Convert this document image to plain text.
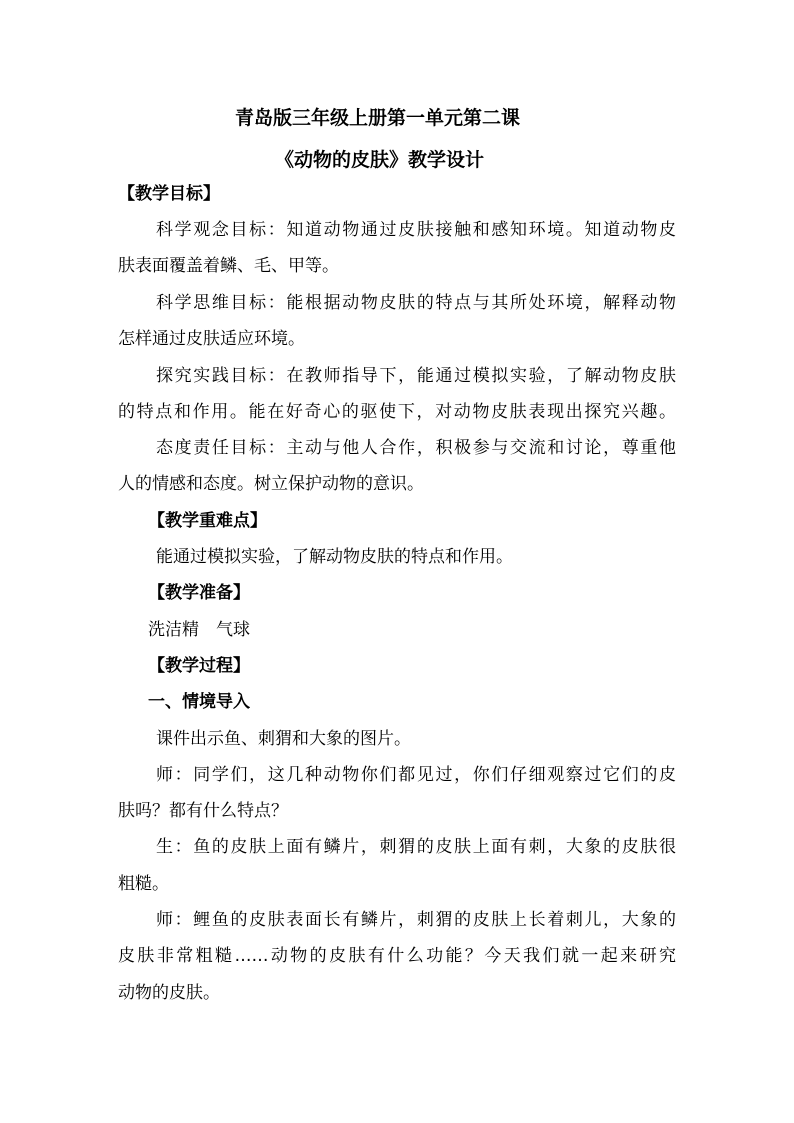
青岛版三年级上册第一单元第二课
《动物的皮肤》教学设计
【教学目标】
科学观念目标：知道动物通过皮肤接触和感知环境。知道动物皮
肤表面覆盖着鳞、毛、甲等。
科学思维目标：能根据动物皮肤的特点与其所处环境，解释动物
怎样通过皮肤适应环境。
探究实践目标：在教师指导下，能通过模拟实验，了解动物皮肤
的特点和作用。能在好奇心的驱使下，对动物皮肤表现出探究兴趣。
态度责任目标：主动与他人合作，积极参与交流和讨论，尊重他
人的情感和态度。树立保护动物的意识。
【教学重难点】
能通过模拟实验，了解动物皮肤的特点和作用。
【教学准备】
洗洁精　气球
【教学过程】
一、情境导入
课件出示鱼、刺猬和大象的图片。
师：同学们，这几种动物你们都见过，你们仔细观察过它们的皮
肤吗？都有什么特点？
生：鱼的皮肤上面有鳞片，刺猬的皮肤上面有刺，大象的皮肤很
粗糙。
师：鲤鱼的皮肤表面长有鳞片，刺猬的皮肤上长着刺儿，大象的
皮肤非常粗糙……动物的皮肤有什么功能？今天我们就一起来研究
动物的皮肤。
